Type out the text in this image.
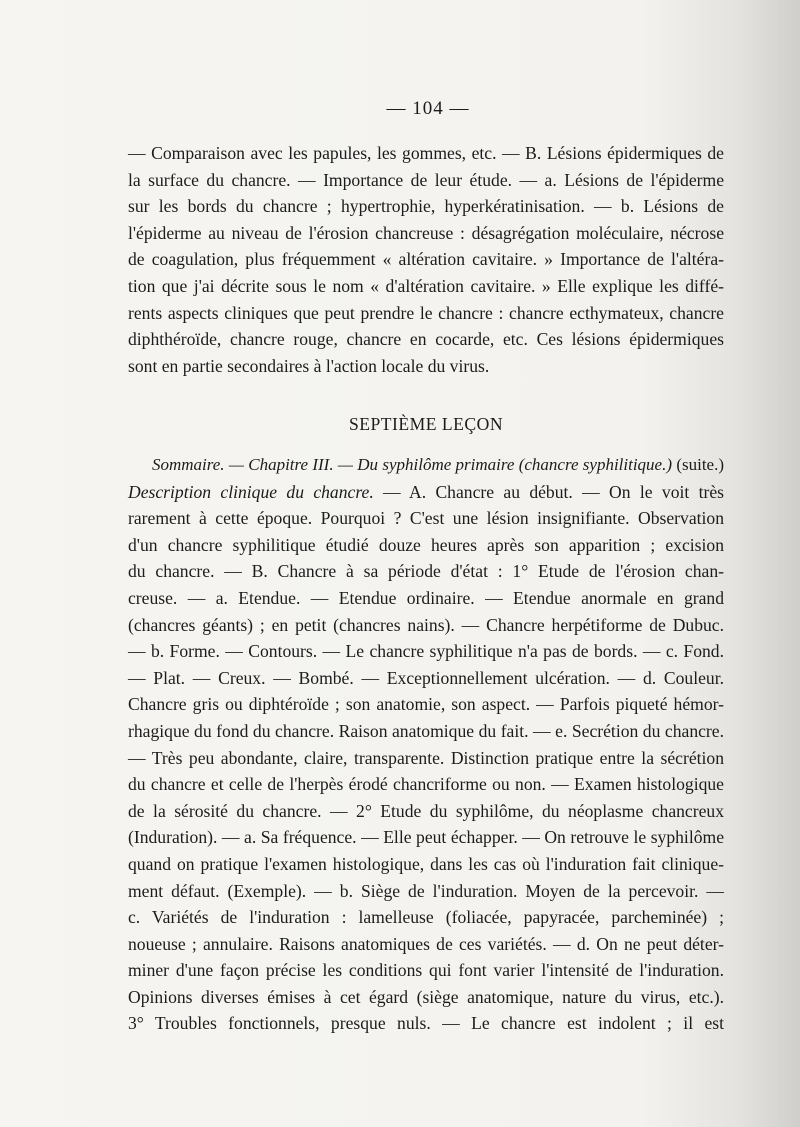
— 104 —
— Comparaison avec les papules, les gommes, etc. — B. Lésions épidermiques de
la surface du chancre. — Importance de leur étude. — a. Lésions de l'épiderme
sur les bords du chancre ; hypertrophie, hyperkératinisation. — b. Lésions de
l'épiderme au niveau de l'érosion chancreuse : désagrégation moléculaire, nécrose
de coagulation, plus fréquemment « altération cavitaire. » Importance de l'altéra-
tion que j'ai décrite sous le nom « d'altération cavitaire. » Elle explique les diffé-
rents aspects cliniques que peut prendre le chancre : chancre ecthymateux, chancre
diphthéroïde, chancre rouge, chancre en cocarde, etc. Ces lésions épidermiques
sont en partie secondaires à l'action locale du virus.
SEPTIÈME LEÇON
Sommaire. — Chapitre III. — Du syphilôme primaire (chancre syphilitique.) (suite.)
Description clinique du chancre. — A. Chancre au début. — On le voit très
rarement à cette époque. Pourquoi ? C'est une lésion insignifiante. Observation
d'un chancre syphilitique étudié douze heures après son apparition ; excision
du chancre. — B. Chancre à sa période d'état : 1° Etude de l'érosion chan-
creuse. — a. Etendue. — Etendue ordinaire. — Etendue anormale en grand
(chancres géants) ; en petit (chancres nains). — Chancre herpétiforme de Dubuc.
— b. Forme. — Contours. — Le chancre syphilitique n'a pas de bords. — c. Fond.
— Plat. — Creux. — Bombé. — Exceptionnellement ulcération. — d. Couleur.
Chancre gris ou diphtéroïde ; son anatomie, son aspect. — Parfois piqueté hémor-
rhagique du fond du chancre. Raison anatomique du fait. — e. Secrétion du chancre.
— Très peu abondante, claire, transparente. Distinction pratique entre la sécrétion
du chancre et celle de l'herpès érodé chancriforme ou non. — Examen histologique
de la sérosité du chancre. — 2° Etude du syphilôme, du néoplasme chancreux
(Induration). — a. Sa fréquence. — Elle peut échapper. — On retrouve le syphilôme
quand on pratique l'examen histologique, dans les cas où l'induration fait clinique-
ment défaut. (Exemple). — b. Siège de l'induration. Moyen de la percevoir. —
c. Variétés de l'induration : lamelleuse (foliacée, papyracée, parcheminée) ;
noueuse ; annulaire. Raisons anatomiques de ces variétés. — d. On ne peut déter-
miner d'une façon précise les conditions qui font varier l'intensité de l'induration.
Opinions diverses émises à cet égard (siège anatomique, nature du virus, etc.).
3° Troubles fonctionnels, presque nuls. — Le chancre est indolent ; il est
